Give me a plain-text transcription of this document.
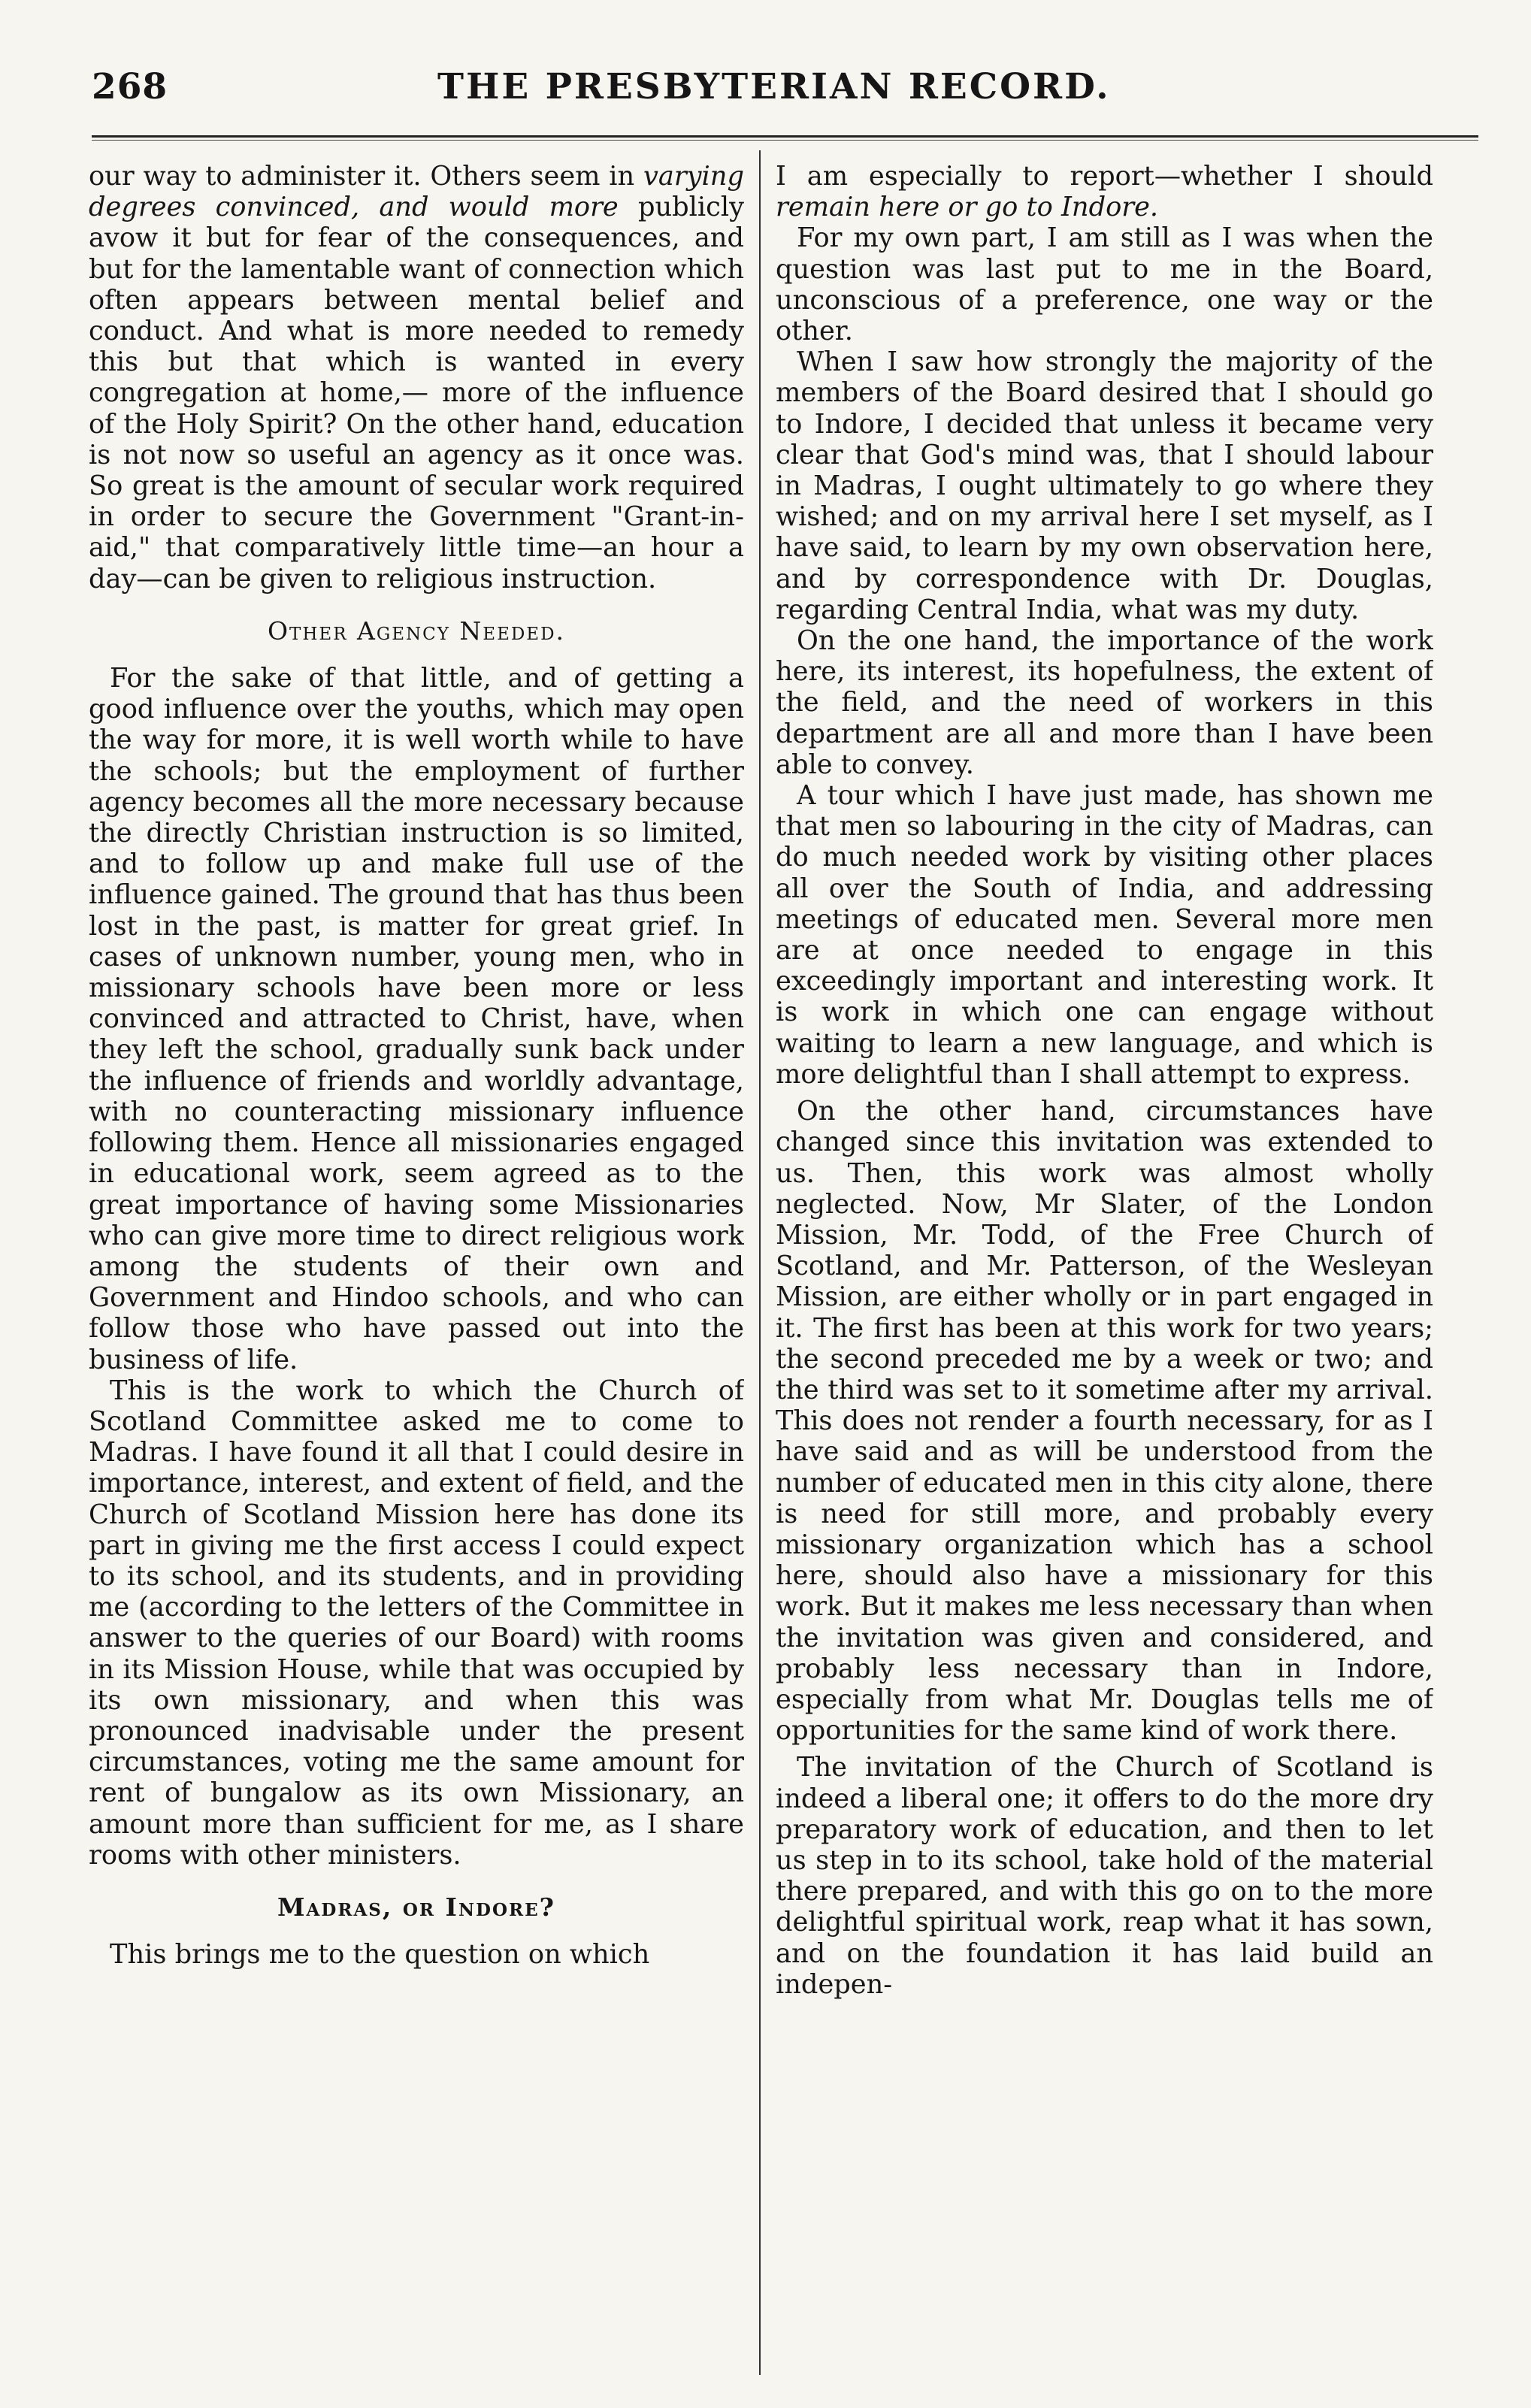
268	THE PRESBYTERIAN RECORD.

our way to administer it. Others seem in varying degrees convinced, and would more publicly avow it but for fear of the consequences, and but for the lamentable want of connection which often appears between mental belief and conduct. And what is more needed to remedy this but that which is wanted in every congregation at home,— more of the influence of the Holy Spirit? On the other hand, education is not now so useful an agency as it once was. So great is the amount of secular work required in order to secure the Government "Grant-in-aid," that comparatively little time—an hour a day—can be given to religious instruction.

Other Agency Needed.

For the sake of that little, and of getting a good influence over the youths, which may open the way for more, it is well worth while to have the schools; but the employment of further agency becomes all the more necessary because the directly Christian instruction is so limited, and to follow up and make full use of the influence gained. The ground that has thus been lost in the past, is matter for great grief. In cases of unknown number, young men, who in missionary schools have been more or less convinced and attracted to Christ, have, when they left the school, gradually sunk back under the influence of friends and worldly advantage, with no counteracting missionary influence following them. Hence all missionaries engaged in educational work, seem agreed as to the great importance of having some Missionaries who can give more time to direct religious work among the students of their own and Government and Hindoo schools, and who can follow those who have passed out into the business of life.

This is the work to which the Church of Scotland Committee asked me to come to Madras. I have found it all that I could desire in importance, interest, and extent of field, and the Church of Scotland Mission here has done its part in giving me the first access I could expect to its school, and its students, and in providing me (according to the letters of the Committee in answer to the queries of our Board) with rooms in its Mission House, while that was occupied by its own missionary, and when this was pronounced inadvisable under the present circumstances, voting me the same amount for rent of bungalow as its own Missionary, an amount more than sufficient for me, as I share rooms with other ministers.

Madras, or Indore?

This brings me to the question on which

I am especially to report—whether I should remain here or go to Indore.

For my own part, I am still as I was when the question was last put to me in the Board, unconscious of a preference, one way or the other.

When I saw how strongly the majority of the members of the Board desired that I should go to Indore, I decided that unless it became very clear that God's mind was, that I should labour in Madras, I ought ultimately to go where they wished; and on my arrival here I set myself, as I have said, to learn by my own observation here, and by correspondence with Dr. Douglas, regarding Central India, what was my duty.

On the one hand, the importance of the work here, its interest, its hopefulness, the extent of the field, and the need of workers in this department are all and more than I have been able to convey.

A tour which I have just made, has shown me that men so labouring in the city of Madras, can do much needed work by visiting other places all over the South of India, and addressing meetings of educated men. Several more men are at once needed to engage in this exceedingly important and interesting work. It is work in which one can engage without waiting to learn a new language, and which is more delightful than I shall attempt to express.

On the other hand, circumstances have changed since this invitation was extended to us. Then, this work was almost wholly neglected. Now, Mr Slater, of the London Mission, Mr. Todd, of the Free Church of Scotland, and Mr. Patterson, of the Wesleyan Mission, are either wholly or in part engaged in it. The first has been at this work for two years; the second preceded me by a week or two; and the third was set to it sometime after my arrival. This does not render a fourth necessary, for as I have said and as will be understood from the number of educated men in this city alone, there is need for still more, and probably every missionary organization which has a school here, should also have a missionary for this work. But it makes me less necessary than when the invitation was given and considered, and probably less necessary than in Indore, especially from what Mr. Douglas tells me of opportunities for the same kind of work there.

The invitation of the Church of Scotland is indeed a liberal one; it offers to do the more dry preparatory work of education, and then to let us step in to its school, take hold of the material there prepared, and with this go on to the more delightful spiritual work, reap what it has sown, and on the foundation it has laid build an indepen-
